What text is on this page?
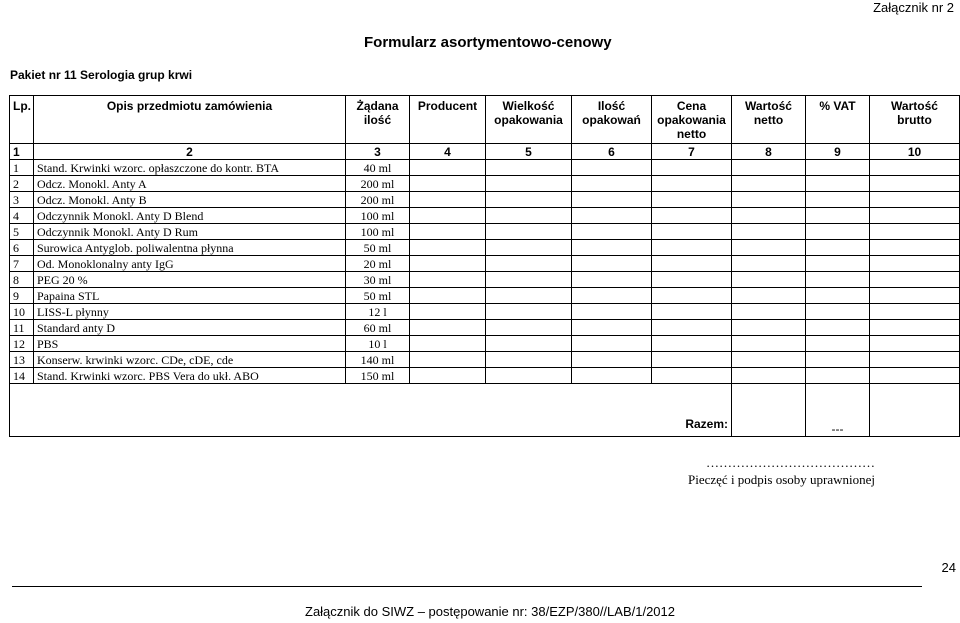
Załącznik nr 2
Formularz asortymentowo-cenowy
Pakiet nr 11 Serologia grup krwi
Lp.	Opis przedmiotu zamówienia	Żądana ilość	Producent	Wielkość opakowania	Ilość opakowań	Cena opakowania netto	Wartość netto	% VAT	Wartość brutto
1	2	3	4	5	6	7	8	9	10
1	Stand. Krwinki wzorc. opłaszczone do kontr. BTA	40 ml							
2	Odcz. Monokl. Anty A	200 ml							
3	Odcz. Monokl. Anty B	200 ml							
4	Odczynnik Monokl. Anty D Blend	100 ml							
5	Odczynnik Monokl. Anty D Rum	100 ml							
6	Surowica Antyglob. poliwalentna płynna	50 ml							
7	Od. Monoklonalny anty IgG	20 ml							
8	PEG 20 %	30 ml							
9	Papaina STL	50 ml							
10	LISS-L płynny	12 l							
11	Standard anty D	60 ml							
12	PBS	10 l							
13	Konserw. krwinki wzorc. CDe, cDE, cde	140 ml							
14	Stand. Krwinki wzorc. PBS Vera do ukł. ABO	150 ml							
Razem:								---	
…………………………………
Pieczęć i podpis osoby uprawnionej
24
Załącznik do SIWZ – postępowanie nr: 38/EZP/380//LAB/1/2012
